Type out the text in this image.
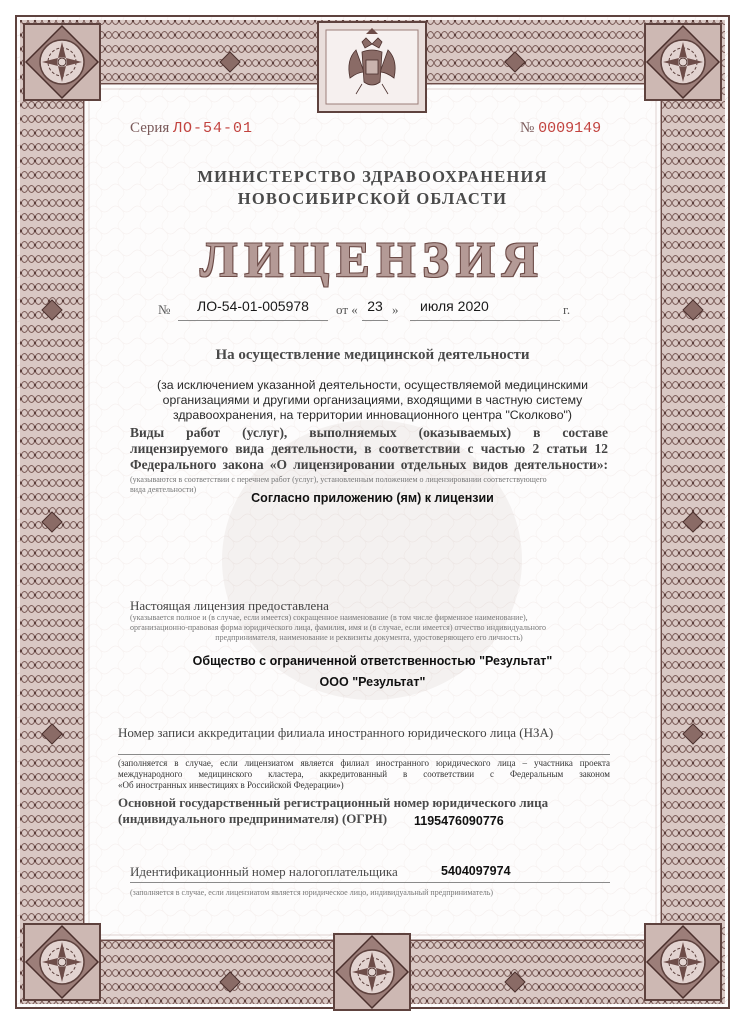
Серия ЛО-54-01	№ 0009149
МИНИСТЕРСТВО ЗДРАВООХРАНЕНИЯ
НОВОСИБИРСКОЙ ОБЛАСТИ
ЛИЦЕНЗИЯ
№	ЛО-54-01-005978	от « 23 »	июля 2020	г.
На осуществление медицинской деятельности
(за исключением указанной деятельности, осуществляемой медицинскими
организациями и другими организациями, входящими в частную систему
здравоохранения, на территории инновационного центра "Сколково")
Виды работ (услуг), выполняемых (оказываемых) в составе
лицензируемого вида деятельности, в соответствии с частью 2 статьи 12
Федерального закона «О лицензировании отдельных видов деятельности»:
(указываются в соответствии с перечнем работ (услуг), установленным положением о лицензировании соответствующего
вида деятельности)
Согласно приложению (ям) к лицензии
Настоящая лицензия предоставлена
(указывается полное и (в случае, если имеется) сокращенное наименование (в том числе фирменное наименование),
организационно-правовая форма юридического лица, фамилия, имя и (в случае, если имеется) отчество индивидуального
предпринимателя, наименование и реквизиты документа, удостоверяющего его личность)
Общество с ограниченной ответственностью "Результат"
ООО "Результат"
Номер записи аккредитации филиала иностранного юридического лица (НЗА)
(заполняется в случае, если лицензиатом является филиал иностранного юридического лица – участника проекта
международного медицинского кластера, аккредитованный в соответствии с Федеральным законом
«Об иностранных инвестициях в Российской Федерации»)
Основной государственный регистрационный номер юридического лица
(индивидуального предпринимателя) (ОГРН) 1195476090776
Идентификационный номер налогоплательщика	5404097974
(заполняется в случае, если лицензиатом является юридическое лицо, индивидуальный предприниматель)
